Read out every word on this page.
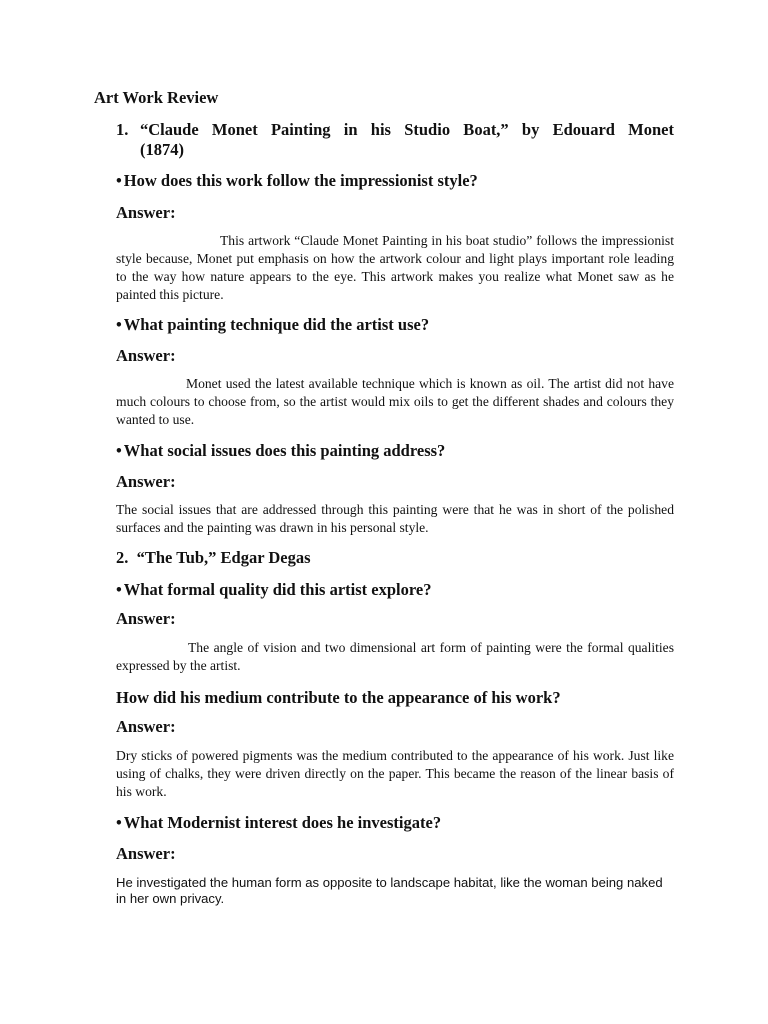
Art Work Review
1. “Claude Monet Painting in his Studio Boat,” by Edouard Monet
(1874)
• How does this work follow the impressionist style?
Answer:

This artwork “Claude Monet Painting in his boat studio” follows the impressionist style because, Monet put emphasis on how the artwork colour and light plays important role leading to the way how nature appears to the eye. This artwork makes you realize what Monet saw as he painted this picture.

• What painting technique did the artist use?
Answer:

Monet used the latest available technique which is known as oil. The artist did not have much colours to choose from, so the artist would mix oils to get the different shades and colours they wanted to use.

• What social issues does this painting address?
Answer:

The social issues that are addressed through this painting were that he was in short of the polished surfaces and the painting was drawn in his personal style.

2. “The Tub,” Edgar Degas
• What formal quality did this artist explore?
Answer:

The angle of vision and two dimensional art form of painting were the formal qualities expressed by the artist.

How did his medium contribute to the appearance of his work?
Answer:

Dry sticks of powered pigments was the medium contributed to the appearance of his work. Just like using of chalks, they were driven directly on the paper. This became the reason of the linear basis of his work.

• What Modernist interest does he investigate?
Answer:

He investigated the human form as opposite to landscape habitat, like the woman being naked in her own privacy.
